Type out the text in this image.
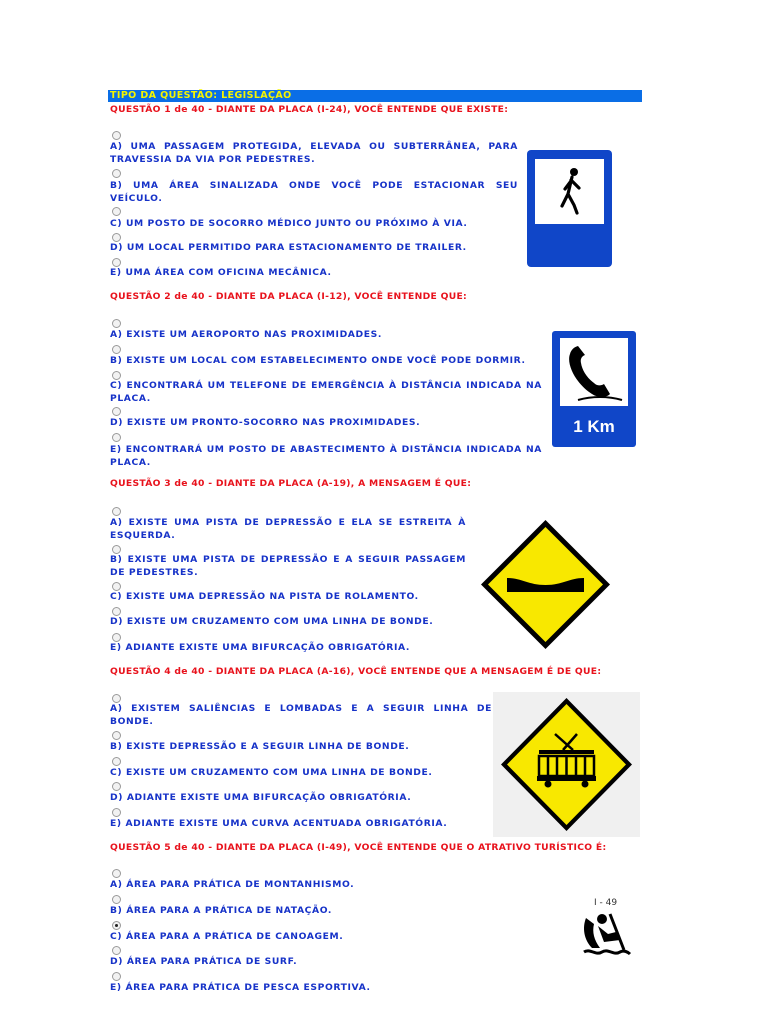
TIPO DA QUESTÃO: LEGISLAÇÃO

QUESTÃO 1 de 40 - DIANTE DA PLACA (I-24), VOCÊ ENTENDE QUE EXISTE:

A) UMA PASSAGEM PROTEGIDA, ELEVADA OU SUBTERRÂNEA, PARA TRAVESSIA DA VIA POR PEDESTRES.
B) UMA ÁREA SINALIZADA ONDE VOCÊ PODE ESTACIONAR SEU VEÍCULO.
C) UM POSTO DE SOCORRO MÉDICO JUNTO OU PRÓXIMO À VIA.
D) UM LOCAL PERMITIDO PARA ESTACIONAMENTO DE TRAILER.
E) UMA ÁREA COM OFICINA MECÂNICA.

QUESTÃO 2 de 40 - DIANTE DA PLACA (I-12), VOCÊ ENTENDE QUE:

A) EXISTE UM AEROPORTO NAS PROXIMIDADES.
B) EXISTE UM LOCAL COM ESTABELECIMENTO ONDE VOCÊ PODE DORMIR.
C) ENCONTRARÁ UM TELEFONE DE EMERGÊNCIA À DISTÂNCIA INDICADA NA PLACA.
D) EXISTE UM PRONTO-SOCORRO NAS PROXIMIDADES.
E) ENCONTRARÁ UM POSTO DE ABASTECIMENTO À DISTÂNCIA INDICADA NA PLACA.
1 Km

QUESTÃO 3 de 40 - DIANTE DA PLACA (A-19), A MENSAGEM É QUE:

A) EXISTE UMA PISTA DE DEPRESSÃO E ELA SE ESTREITA À ESQUERDA.
B) EXISTE UMA PISTA DE DEPRESSÃO E A SEGUIR PASSAGEM DE PEDESTRES.
C) EXISTE UMA DEPRESSÃO NA PISTA DE ROLAMENTO.
D) EXISTE UM CRUZAMENTO COM UMA LINHA DE BONDE.
E) ADIANTE EXISTE UMA BIFURCAÇÃO OBRIGATÓRIA.

QUESTÃO 4 de 40 - DIANTE DA PLACA (A-16), VOCÊ ENTENDE QUE A MENSAGEM É DE QUE:

A) EXISTEM SALIÊNCIAS E LOMBADAS E A SEGUIR LINHA DE BONDE.
B) EXISTE DEPRESSÃO E A SEGUIR LINHA DE BONDE.
C) EXISTE UM CRUZAMENTO COM UMA LINHA DE BONDE.
D) ADIANTE EXISTE UMA BIFURCAÇÃO OBRIGATÓRIA.
E) ADIANTE EXISTE UMA CURVA ACENTUADA OBRIGATÓRIA.

QUESTÃO 5 de 40 - DIANTE DA PLACA (I-49), VOCÊ ENTENDE QUE O ATRATIVO TURÍSTICO É:

A) ÁREA PARA PRÁTICA DE MONTANHISMO.
B) ÁREA PARA A PRÁTICA DE NATAÇÃO.
C) ÁREA PARA A PRÁTICA DE CANOAGEM.
D) ÁREA PARA PRÁTICA DE SURF.
E) ÁREA PARA PRÁTICA DE PESCA ESPORTIVA.
I - 49
